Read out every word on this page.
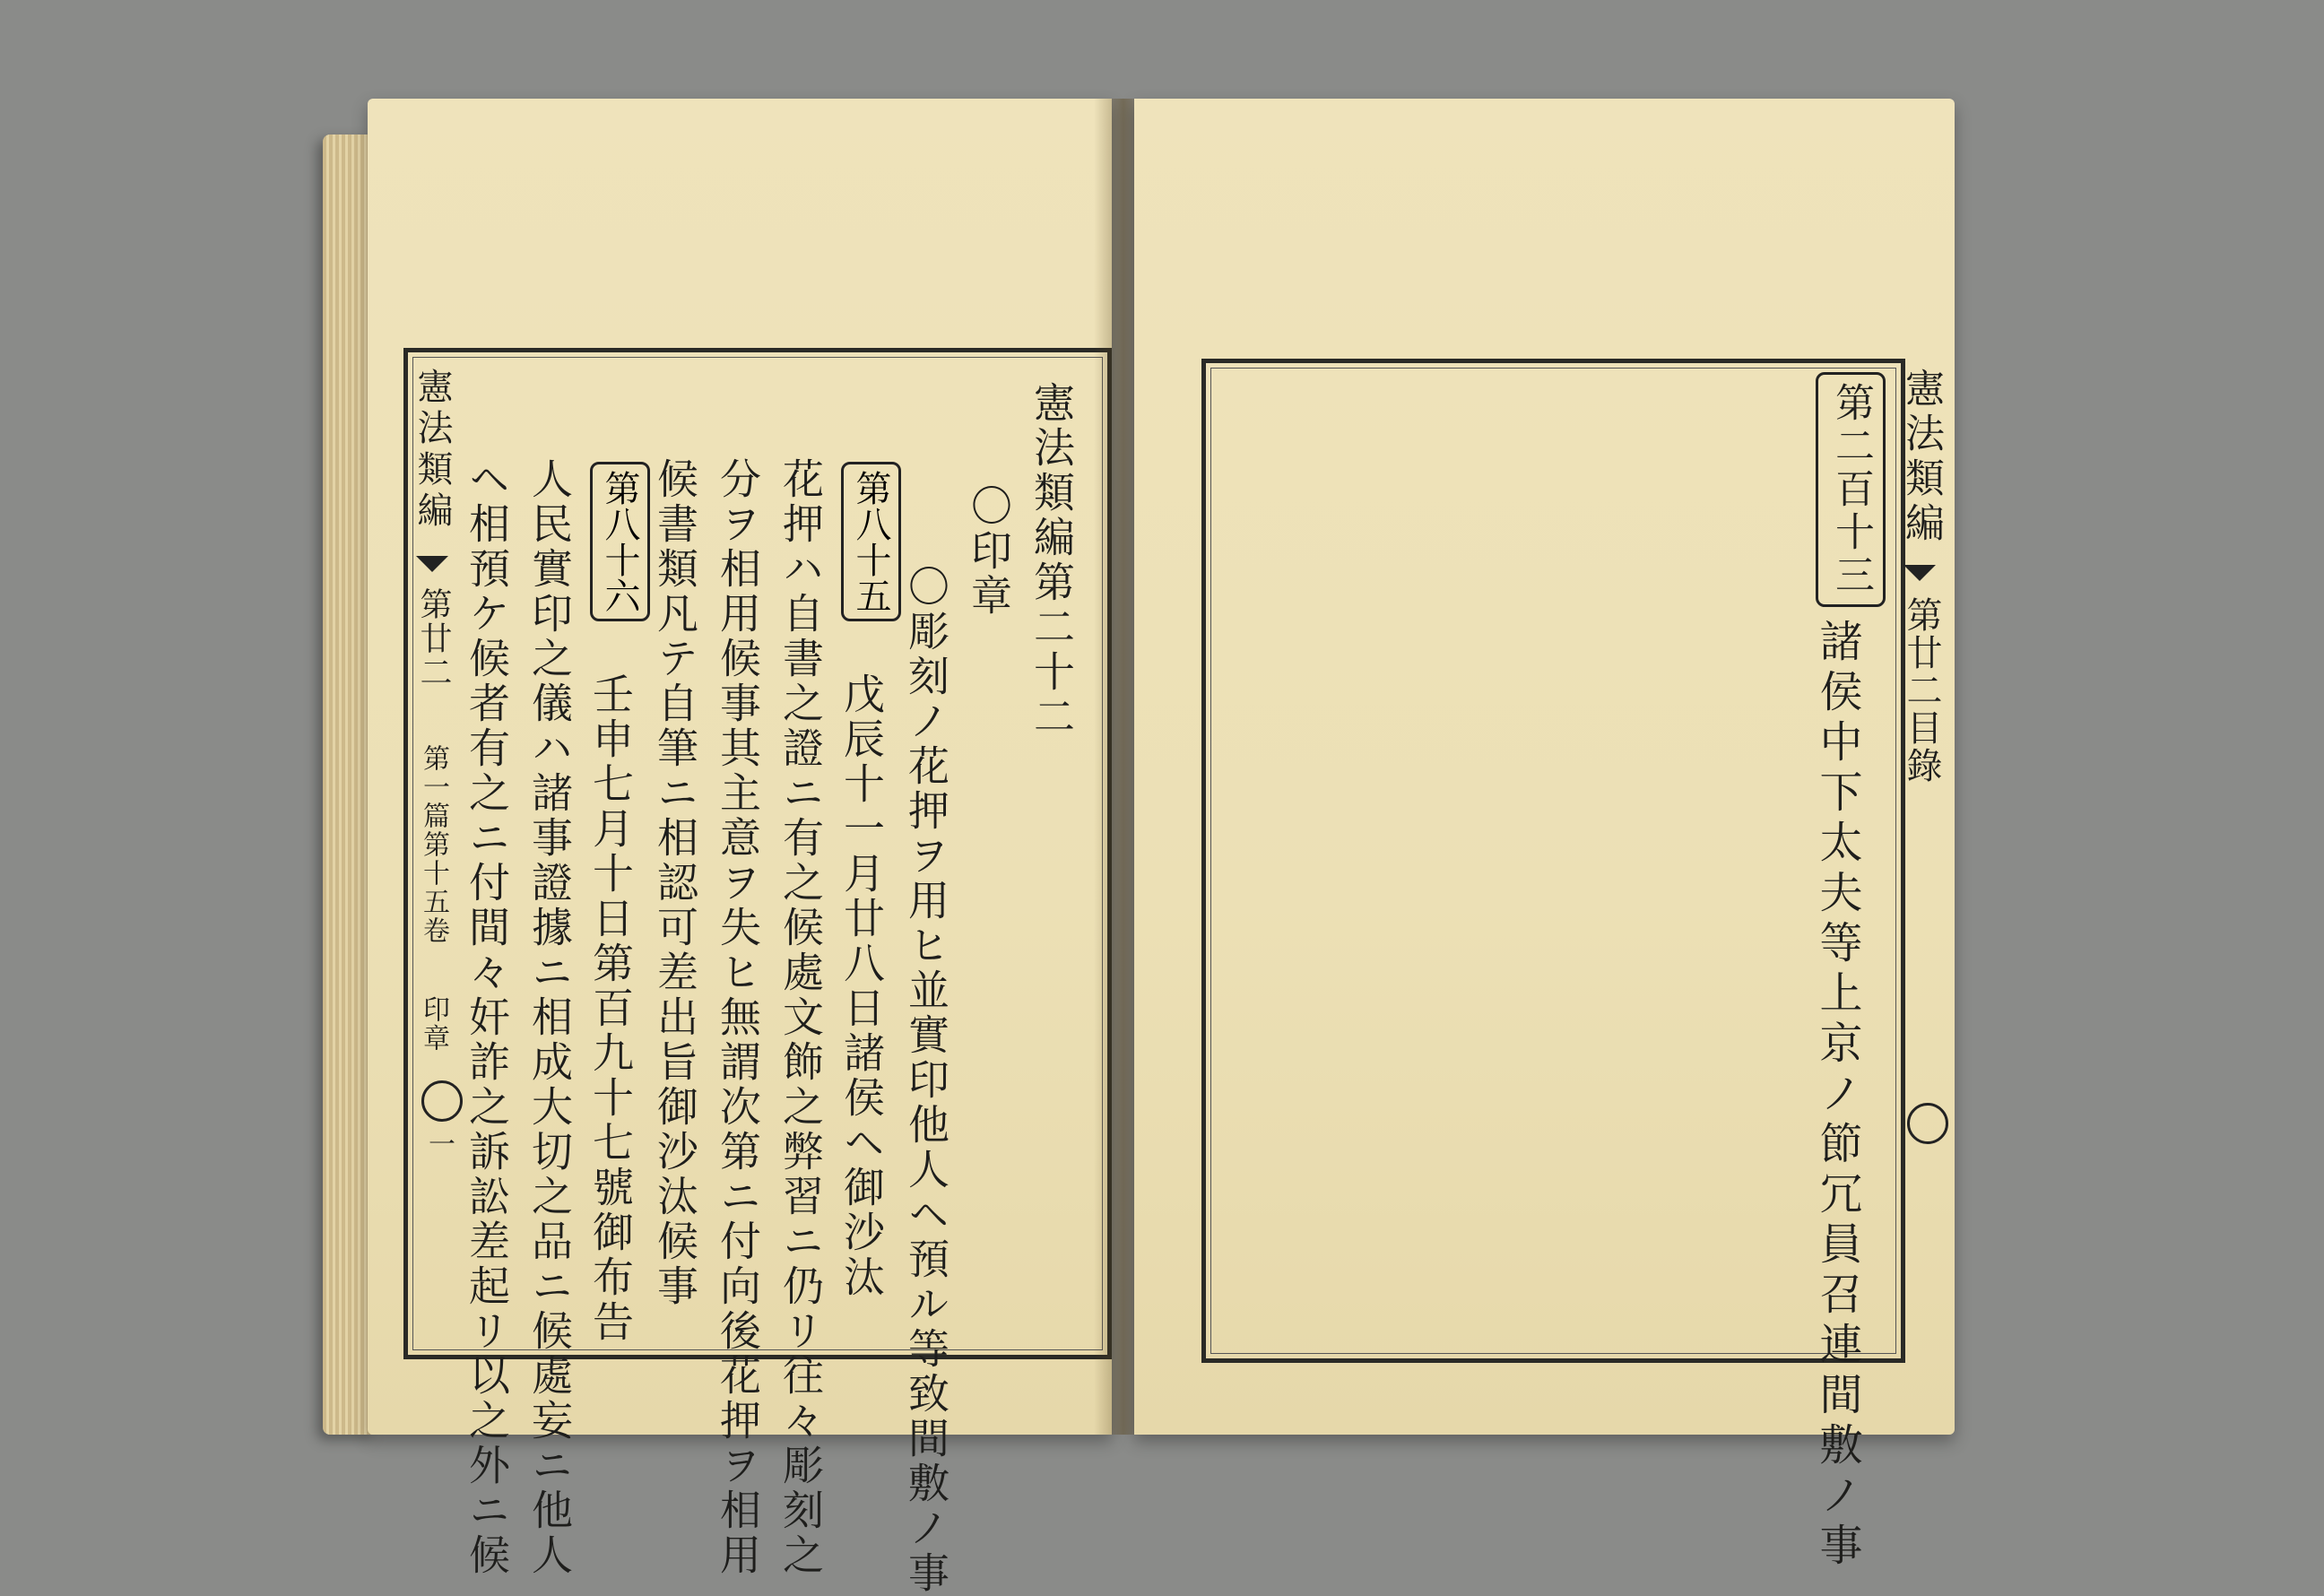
憲法類編
第廿二
第一篇第十五卷
印章
一
憲法類編第二十二
〇印章
〇彫刻ノ花押ヲ用ヒ並實印他人ヘ預ル等致間敷ノ事
第八十五
戊辰十一月廿八日諸侯ヘ御沙汰
花押ハ自書之證ニ有之候處文飾之弊習ニ仍リ往々彫刻之
分ヲ相用候事其主意ヲ失ヒ無謂次第ニ付向後花押ヲ相用
候書類凡テ自筆ニ相認可差出旨御沙汰候事
第八十六
壬申七月十日第百九十七號御布告
人民實印之儀ハ諸事證據ニ相成大切之品ニ候處妄ニ他人
ヘ相預ケ候者有之ニ付間々奸詐之訴訟差起リ以之外ニ候	第二百十三
諸侯中下太夫等上京ノ節冗員召連間敷ノ事
憲法類編
第廿二目錄
